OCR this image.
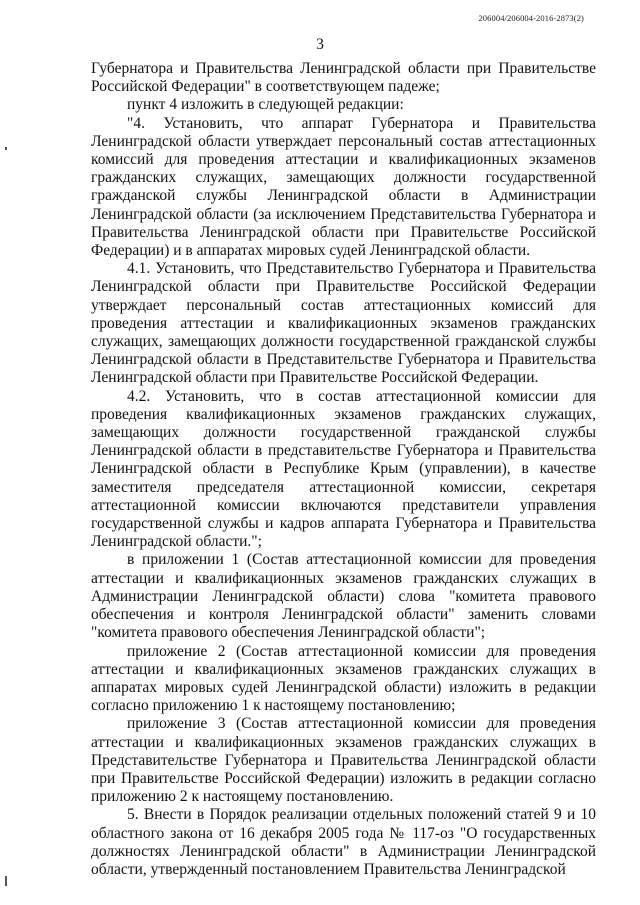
206004/206004-2016-2873(2)
3

Губернатора и Правительства Ленинградской области при Правительстве Российской Федерации" в соответствующем падеже;

пункт 4 изложить в следующей редакции:

"4. Установить, что аппарат Губернатора и Правительства Ленинградской области утверждает персональный состав аттестационных комиссий для проведения аттестации и квалификационных экзаменов гражданских служащих, замещающих должности государственной гражданской службы Ленинградской области в Администрации Ленинградской области (за исключением Представительства Губернатора и Правительства Ленинградской области при Правительстве Российской Федерации) и в аппаратах мировых судей Ленинградской области.

4.1. Установить, что Представительство Губернатора и Правительства Ленинградской области при Правительстве Российской Федерации утверждает персональный состав аттестационных комиссий для проведения аттестации и квалификационных экзаменов гражданских служащих, замещающих должности государственной гражданской службы Ленинградской области в Представительстве Губернатора и Правительства Ленинградской области при Правительстве Российской Федерации.

4.2. Установить, что в состав аттестационной комиссии для проведения квалификационных экзаменов гражданских служащих, замещающих должности государственной гражданской службы Ленинградской области в представительстве Губернатора и Правительства Ленинградской области в Республике Крым (управлении), в качестве заместителя председателя аттестационной комиссии, секретаря аттестационной комиссии включаются представители управления государственной службы и кадров аппарата Губернатора и Правительства Ленинградской области.";

в приложении 1 (Состав аттестационной комиссии для проведения аттестации и квалификационных экзаменов гражданских служащих в Администрации Ленинградской области) слова "комитета правового обеспечения и контроля Ленинградской области" заменить словами "комитета правового обеспечения Ленинградской области";

приложение 2 (Состав аттестационной комиссии для проведения аттестации и квалификационных экзаменов гражданских служащих в аппаратах мировых судей Ленинградской области) изложить в редакции согласно приложению 1 к настоящему постановлению;

приложение 3 (Состав аттестационной комиссии для проведения аттестации и квалификационных экзаменов гражданских служащих в Представительстве Губернатора и Правительства Ленинградской области при Правительстве Российской Федерации) изложить в редакции согласно приложению 2 к настоящему постановлению.

5. Внести в Порядок реализации отдельных положений статей 9 и 10 областного закона от 16 декабря 2005 года № 117-оз "О государственных должностях Ленинградской области" в Администрации Ленинградской области, утвержденный постановлением Правительства Ленинградской
